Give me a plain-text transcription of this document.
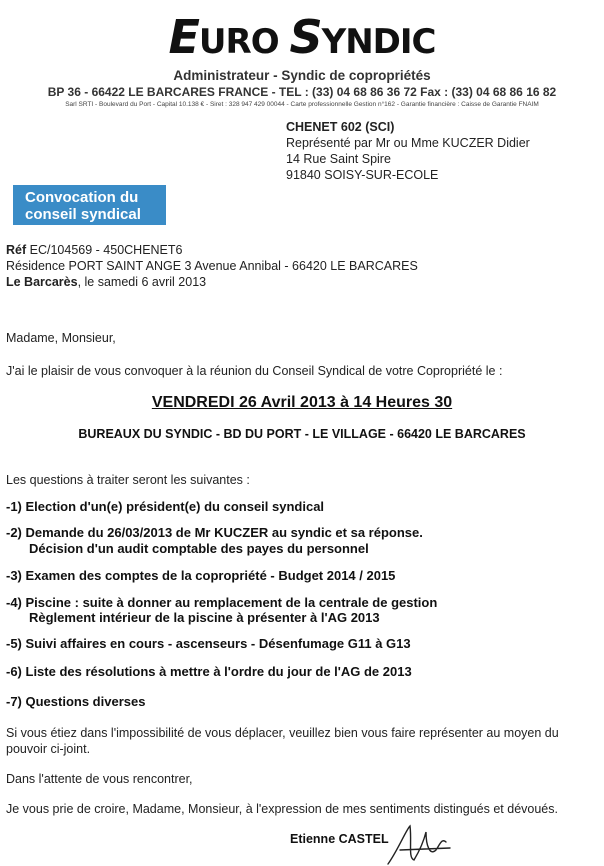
EURO SYNDIC
Administrateur - Syndic de copropriétés
BP 36 - 66422 LE BARCARES FRANCE - TEL : (33) 04 68 86 36 72 Fax : (33) 04 68 86 16 82
Sarl SRTI - Boulevard du Port - Capital 10.138 € - Siret : 328 947 429 00044 - Carte professionnelle Gestion n°162 - Garantie financière : Caisse de Garantie FNAIM
CHENET 602 (SCI)
Représenté par Mr ou Mme KUCZER Didier
14 Rue Saint Spire
91840 SOISY-SUR-ECOLE
Convocation du
conseil syndical
Réf EC/104569 - 450CHENET6
Résidence PORT SAINT ANGE 3 Avenue Annibal - 66420 LE BARCARES
Le Barcarès, le samedi 6 avril 2013
Madame, Monsieur,
J'ai le plaisir de vous convoquer à la réunion du Conseil Syndical de votre Copropriété le :
VENDREDI 26 Avril 2013 à 14 Heures 30
BUREAUX DU SYNDIC - BD DU PORT - LE VILLAGE - 66420 LE BARCARES
Les questions à traiter seront les suivantes :
-1) Election d'un(e) président(e) du conseil syndical
-2) Demande du 26/03/2013 de Mr KUCZER au syndic et sa réponse.
Décision d'un audit comptable des payes du personnel
-3) Examen des comptes de la copropriété - Budget 2014 / 2015
-4) Piscine : suite à donner au remplacement de la centrale de gestion
Règlement intérieur de la piscine à présenter à l'AG 2013
-5) Suivi affaires en cours - ascenseurs - Désenfumage G11 à G13
-6) Liste des résolutions à mettre à l'ordre du jour de l'AG de 2013
-7) Questions diverses
Si vous étiez dans l'impossibilité de vous déplacer, veuillez bien vous faire représenter au moyen du
pouvoir ci-joint.
Dans l'attente de vous rencontrer,
Je vous prie de croire, Madame, Monsieur, à l'expression de mes sentiments distingués et dévoués.
Etienne CASTEL
